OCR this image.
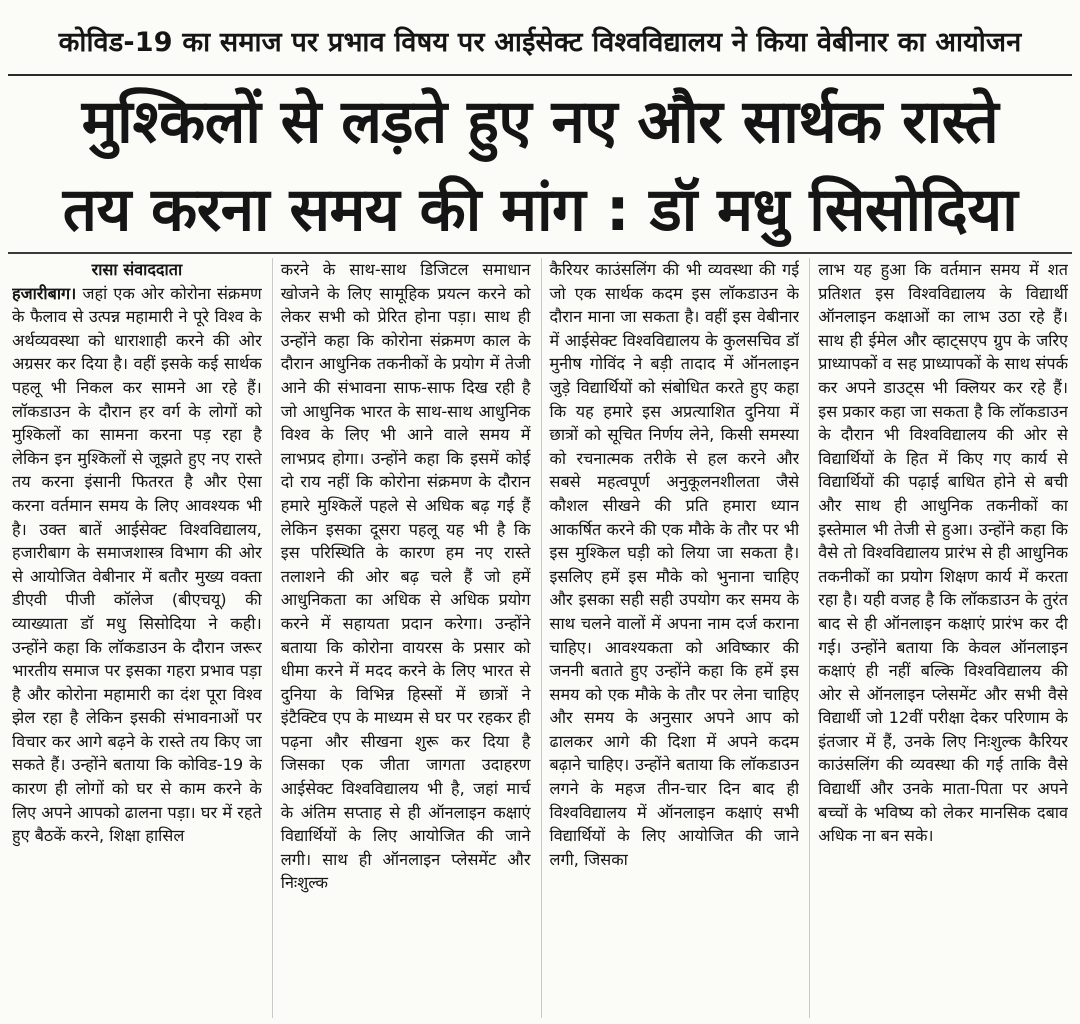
कोविड-19 का समाज पर प्रभाव विषय पर आईसेक्ट विश्वविद्यालय ने किया वेबीनार का आयोजन
मुश्किलों से लड़ते हुए नए और सार्थक रास्ते
तय करना समय की मांग : डॉ मधु सिसोदिया
रासा संवाददाता
हजारीबाग। जहां एक ओर कोरोना संक्रमण के फैलाव से उत्पन्न महामारी ने पूरे विश्व के अर्थव्यवस्था को धाराशाही करने की ओर अग्रसर कर दिया है। वहीं इसके कई सार्थक पहलू भी निकल कर सामने आ रहे हैं। लॉकडाउन के दौरान हर वर्ग के लोगों को मुश्किलों का सामना करना पड़ रहा है लेकिन इन मुश्किलों से जूझते हुए नए रास्ते तय करना इंसानी फितरत है और ऐसा करना वर्तमान समय के लिए आवश्यक भी है। उक्त बातें आईसेक्ट विश्वविद्यालय, हजारीबाग के समाजशास्त्र विभाग की ओर से आयोजित वेबीनार में बतौर मुख्य वक्ता डीएवी पीजी कॉलेज (बीएचयू) की व्याख्याता डॉ मधु सिसोदिया ने कही। उन्होंने कहा कि लॉकडाउन के दौरान जरूर भारतीय समाज पर इसका गहरा प्रभाव पड़ा है और कोरोना महामारी का दंश पूरा विश्व झेल रहा है लेकिन इसकी संभावनाओं पर विचार कर आगे बढ़ने के रास्ते तय किए जा सकते हैं। उन्होंने बताया कि कोविड-19 के कारण ही लोगों को घर से काम करने के लिए अपने आपको ढालना पड़ा। घर में रहते हुए बैठकें करने, शिक्षा हासिल
करने के साथ-साथ डिजिटल समाधान खोजने के लिए सामूहिक प्रयत्न करने को लेकर सभी को प्रेरित होना पड़ा। साथ ही उन्होंने कहा कि कोरोना संक्रमण काल के दौरान आधुनिक तकनीकों के प्रयोग में तेजी आने की संभावना साफ-साफ दिख रही है जो आधुनिक भारत के साथ-साथ आधुनिक विश्व के लिए भी आने वाले समय में लाभप्रद होगा। उन्होंने कहा कि इसमें कोई दो राय नहीं कि कोरोना संक्रमण के दौरान हमारे मुश्किलें पहले से अधिक बढ़ गई हैं लेकिन इसका दूसरा पहलू यह भी है कि इस परिस्थिति के कारण हम नए रास्ते तलाशने की ओर बढ़ चले हैं जो हमें आधुनिकता का अधिक से अधिक प्रयोग करने में सहायता प्रदान करेगा। उन्होंने बताया कि कोरोना वायरस के प्रसार को धीमा करने में मदद करने के लिए भारत से दुनिया के विभिन्न हिस्सों में छात्रों ने इंटैक्टिव एप के माध्यम से घर पर रहकर ही पढ़ना और सीखना शुरू कर दिया है जिसका एक जीता जागता उदाहरण आईसेक्ट विश्वविद्यालय भी है, जहां मार्च के अंतिम सप्ताह से ही ऑनलाइन कक्षाएं विद्यार्थियों के लिए आयोजित की जाने लगी। साथ ही ऑनलाइन प्लेसमेंट और निःशुल्क
कैरियर काउंसलिंग की भी व्यवस्था की गई जो एक सार्थक कदम इस लॉकडाउन के दौरान माना जा सकता है। वहीं इस वेबीनार में आईसेक्ट विश्वविद्यालय के कुलसचिव डॉ मुनीष गोविंद ने बड़ी तादाद में ऑनलाइन जुड़े विद्यार्थियों को संबोधित करते हुए कहा कि यह हमारे इस अप्रत्याशित दुनिया में छात्रों को सूचित निर्णय लेने, किसी समस्या को रचनात्मक तरीके से हल करने और सबसे महत्वपूर्ण अनुकूलनशीलता जैसे कौशल सीखने की प्रति हमारा ध्यान आकर्षित करने की एक मौके के तौर पर भी इस मुश्किल घड़ी को लिया जा सकता है। इसलिए हमें इस मौके को भुनाना चाहिए और इसका सही सही उपयोग कर समय के साथ चलने वालों में अपना नाम दर्ज कराना चाहिए। आवश्यकता को अविष्कार की जननी बताते हुए उन्होंने कहा कि हमें इस समय को एक मौके के तौर पर लेना चाहिए और समय के अनुसार अपने आप को ढालकर आगे की दिशा में अपने कदम बढ़ाने चाहिए। उन्होंने बताया कि लॉकडाउन लगने के महज तीन-चार दिन बाद ही विश्वविद्यालय में ऑनलाइन कक्षाएं सभी विद्यार्थियों के लिए आयोजित की जाने लगी, जिसका
लाभ यह हुआ कि वर्तमान समय में शत प्रतिशत इस विश्वविद्यालय के विद्यार्थी ऑनलाइन कक्षाओं का लाभ उठा रहे हैं। साथ ही ईमेल और व्हाट्सएप ग्रुप के जरिए प्राध्यापकों व सह प्राध्यापकों के साथ संपर्क कर अपने डाउट्स भी क्लियर कर रहे हैं। इस प्रकार कहा जा सकता है कि लॉकडाउन के दौरान भी विश्वविद्यालय की ओर से विद्यार्थियों के हित में किए गए कार्य से विद्यार्थियों की पढ़ाई बाधित होने से बची और साथ ही आधुनिक तकनीकों का इस्तेमाल भी तेजी से हुआ। उन्होंने कहा कि वैसे तो विश्वविद्यालय प्रारंभ से ही आधुनिक तकनीकों का प्रयोग शिक्षण कार्य में करता रहा है। यही वजह है कि लॉकडाउन के तुरंत बाद से ही ऑनलाइन कक्षाएं प्रारंभ कर दी गई। उन्होंने बताया कि केवल ऑनलाइन कक्षाएं ही नहीं बल्कि विश्वविद्यालय की ओर से ऑनलाइन प्लेसमेंट और सभी वैसे विद्यार्थी जो 12वीं परीक्षा देकर परिणाम के इंतजार में हैं, उनके लिए निःशुल्क कैरियर काउंसलिंग की व्यवस्था की गई ताकि वैसे विद्यार्थी और उनके माता-पिता पर अपने बच्चों के भविष्य को लेकर मानसिक दबाव अधिक ना बन सके।
